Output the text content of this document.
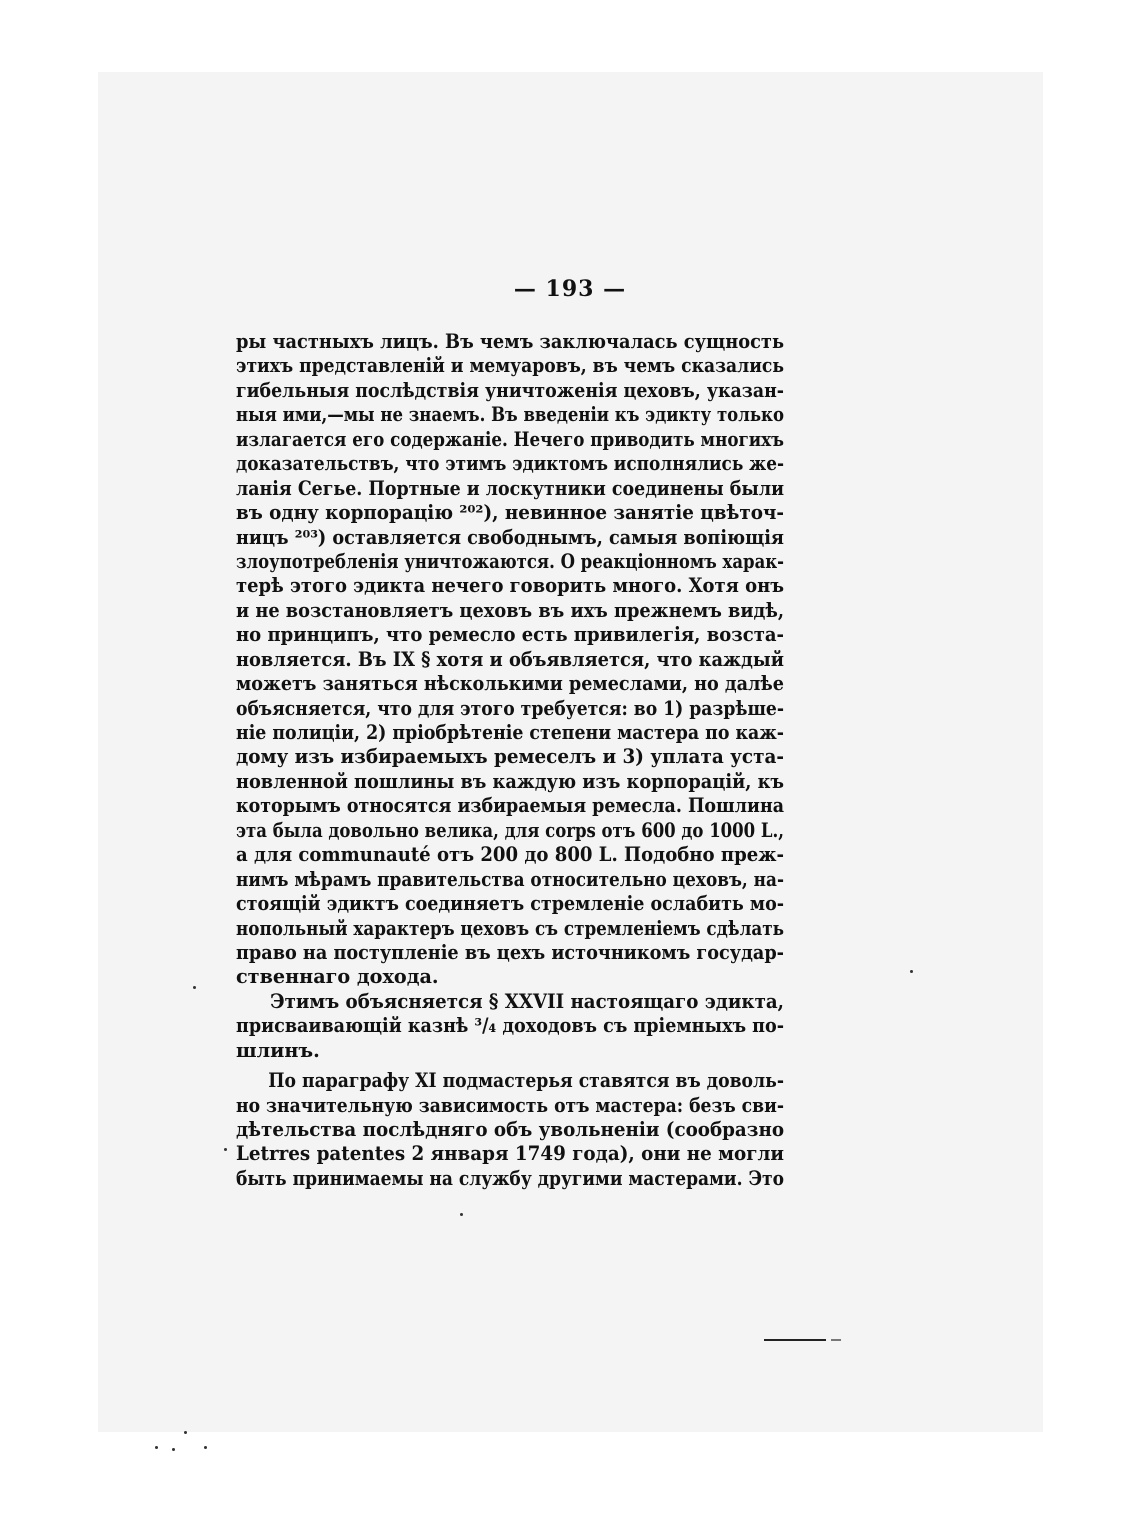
— 193 —
ры частныхъ лицъ. Въ чемъ заключалась сущность
этихъ представленій и мемуаровъ, въ чемъ сказались
гибельныя послѣдствія уничтоженія цеховъ, указан-
ныя ими,—мы не знаемъ. Въ введеніи къ эдикту только
излагается его содержаніе. Нечего приводить многихъ
доказательствъ, что этимъ эдиктомъ исполнялись же-
ланія Сегье. Портные и лоскутники соединены были
въ одну корпорацію ²⁰²), невинное занятіе цвѣточ-
ницъ ²⁰³) оставляется свободнымъ, самыя вопіющія
злоупотребленія уничтожаются. О реакціонномъ харак-
терѣ этого эдикта нечего говорить много. Хотя онъ
и не возстановляетъ цеховъ въ ихъ прежнемъ видѣ,
но принципъ, что ремесло есть привилегія, возста-
новляется. Въ IX § хотя и объявляется, что каждый
можетъ заняться нѣсколькими ремеслами, но далѣе
объясняется, что для этого требуется: во 1) разрѣше-
ніе полиціи, 2) пріобрѣтеніе степени мастера по каж-
дому изъ избираемыхъ ремеселъ и 3) уплата уста-
новленной пошлины въ каждую изъ корпорацій, къ
которымъ относятся избираемыя ремесла. Пошлина
эта была довольно велика, для corps отъ 600 до 1000 L.,
а для communauté отъ 200 до 800 L. Подобно преж-
нимъ мѣрамъ правительства относительно цеховъ, на-
стоящій эдиктъ соединяетъ стремленіе ослабить мо-
нопольный характеръ цеховъ съ стремленіемъ сдѣлать
право на поступленіе въ цехъ источникомъ государ-
ственнаго дохода.
Этимъ объясняется § XXVII настоящаго эдикта,
присваивающій казнѣ ³/₄ доходовъ съ пріемныхъ по-
шлинъ.
По параграфу XI подмастерья ставятся въ доволь-
но значительную зависимость отъ мастера: безъ сви-
дѣтельства послѣдняго объ увольненіи (сообразно
Letrres patentes 2 января 1749 года), они не могли
быть принимаемы на службу другими мастерами. Это
